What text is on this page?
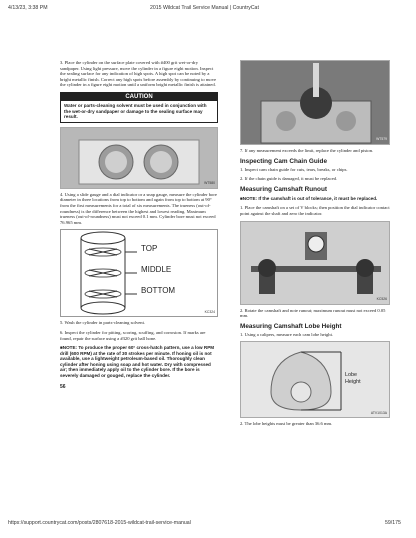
4/13/23, 3:38 PM	2015 Wildcat Trail Service Manual | CountryCat

3. Place the cylinder on the surface plate covered with #400 grit wet-or-dry sandpaper. Using light pressure, move the cylinder in a figure eight motion. Inspect the sealing surface for any indication of high spots. A high spot can be noted by a bright metallic finish. Correct any high spots before assembly by continuing to move the cylinder in a figure eight motion until a uniform bright metallic finish is attained.

CAUTION
Water or parts-cleaning solvent must be used in conjunction with the wet-or-dry sandpaper or damage to the sealing surface may result.
WT580

4. Using a slide gauge and a dial indicator or a snap gauge, measure the cylinder bore diameter in three locations from top to bottom and again from top to bottom at 90° from the first measurements for a total of six measurements. The trueness (out-of-roundness) is the difference between the highest and lowest reading. Maximum trueness (out-of-roundness) must not exceed 0.1 mm. Cylinder bore must not exceed 76.965 mm.

TOP
MIDDLE
BOTTOM
KC324

5. Wash the cylinder in parts-cleaning solvent.

6. Inspect the cylinder for pitting, scoring, scuffing, and corrosion. If marks are found, repair the surface using a #320 grit ball hone.

■NOTE: To produce the proper 60° cross-hatch pattern, use a low RPM drill (600 RPM) at the rate of 30 strokes per minute. If honing oil is not available, use a lightweight petroleum-based oil. Thoroughly clean cylinder after honing using soap and hot water. Dry with compressed air; then immediately apply oil to the cylinder bore. If the bore is severely damaged or gouged, replace the cylinder.

56
WT579

7. If any measurement exceeds the limit, replace the cylinder and piston.

Inspecting Cam Chain Guide

1. Inspect cam chain guide for cuts, tears, breaks, or chips.

2. If the chain guide is damaged, it must be replaced.

Measuring Camshaft Runout

■NOTE: If the camshaft is out of tolerance, it must be replaced.

1. Place the camshaft on a set of V blocks; then position the dial indicator contact point against the shaft and zero the indicator.

KC526

2. Rotate the camshaft and note runout; maximum runout must not exceed 0.05 mm.

Measuring Camshaft Lobe Height

1. Using a calipers, measure each cam lobe height.

Lobe Height
ATV1013A

2. The lobe heights must be greater than 36.6 mm.

https://support.countrycat.com/posts/2807618-2015-wildcat-trail-service-manual	59/175
